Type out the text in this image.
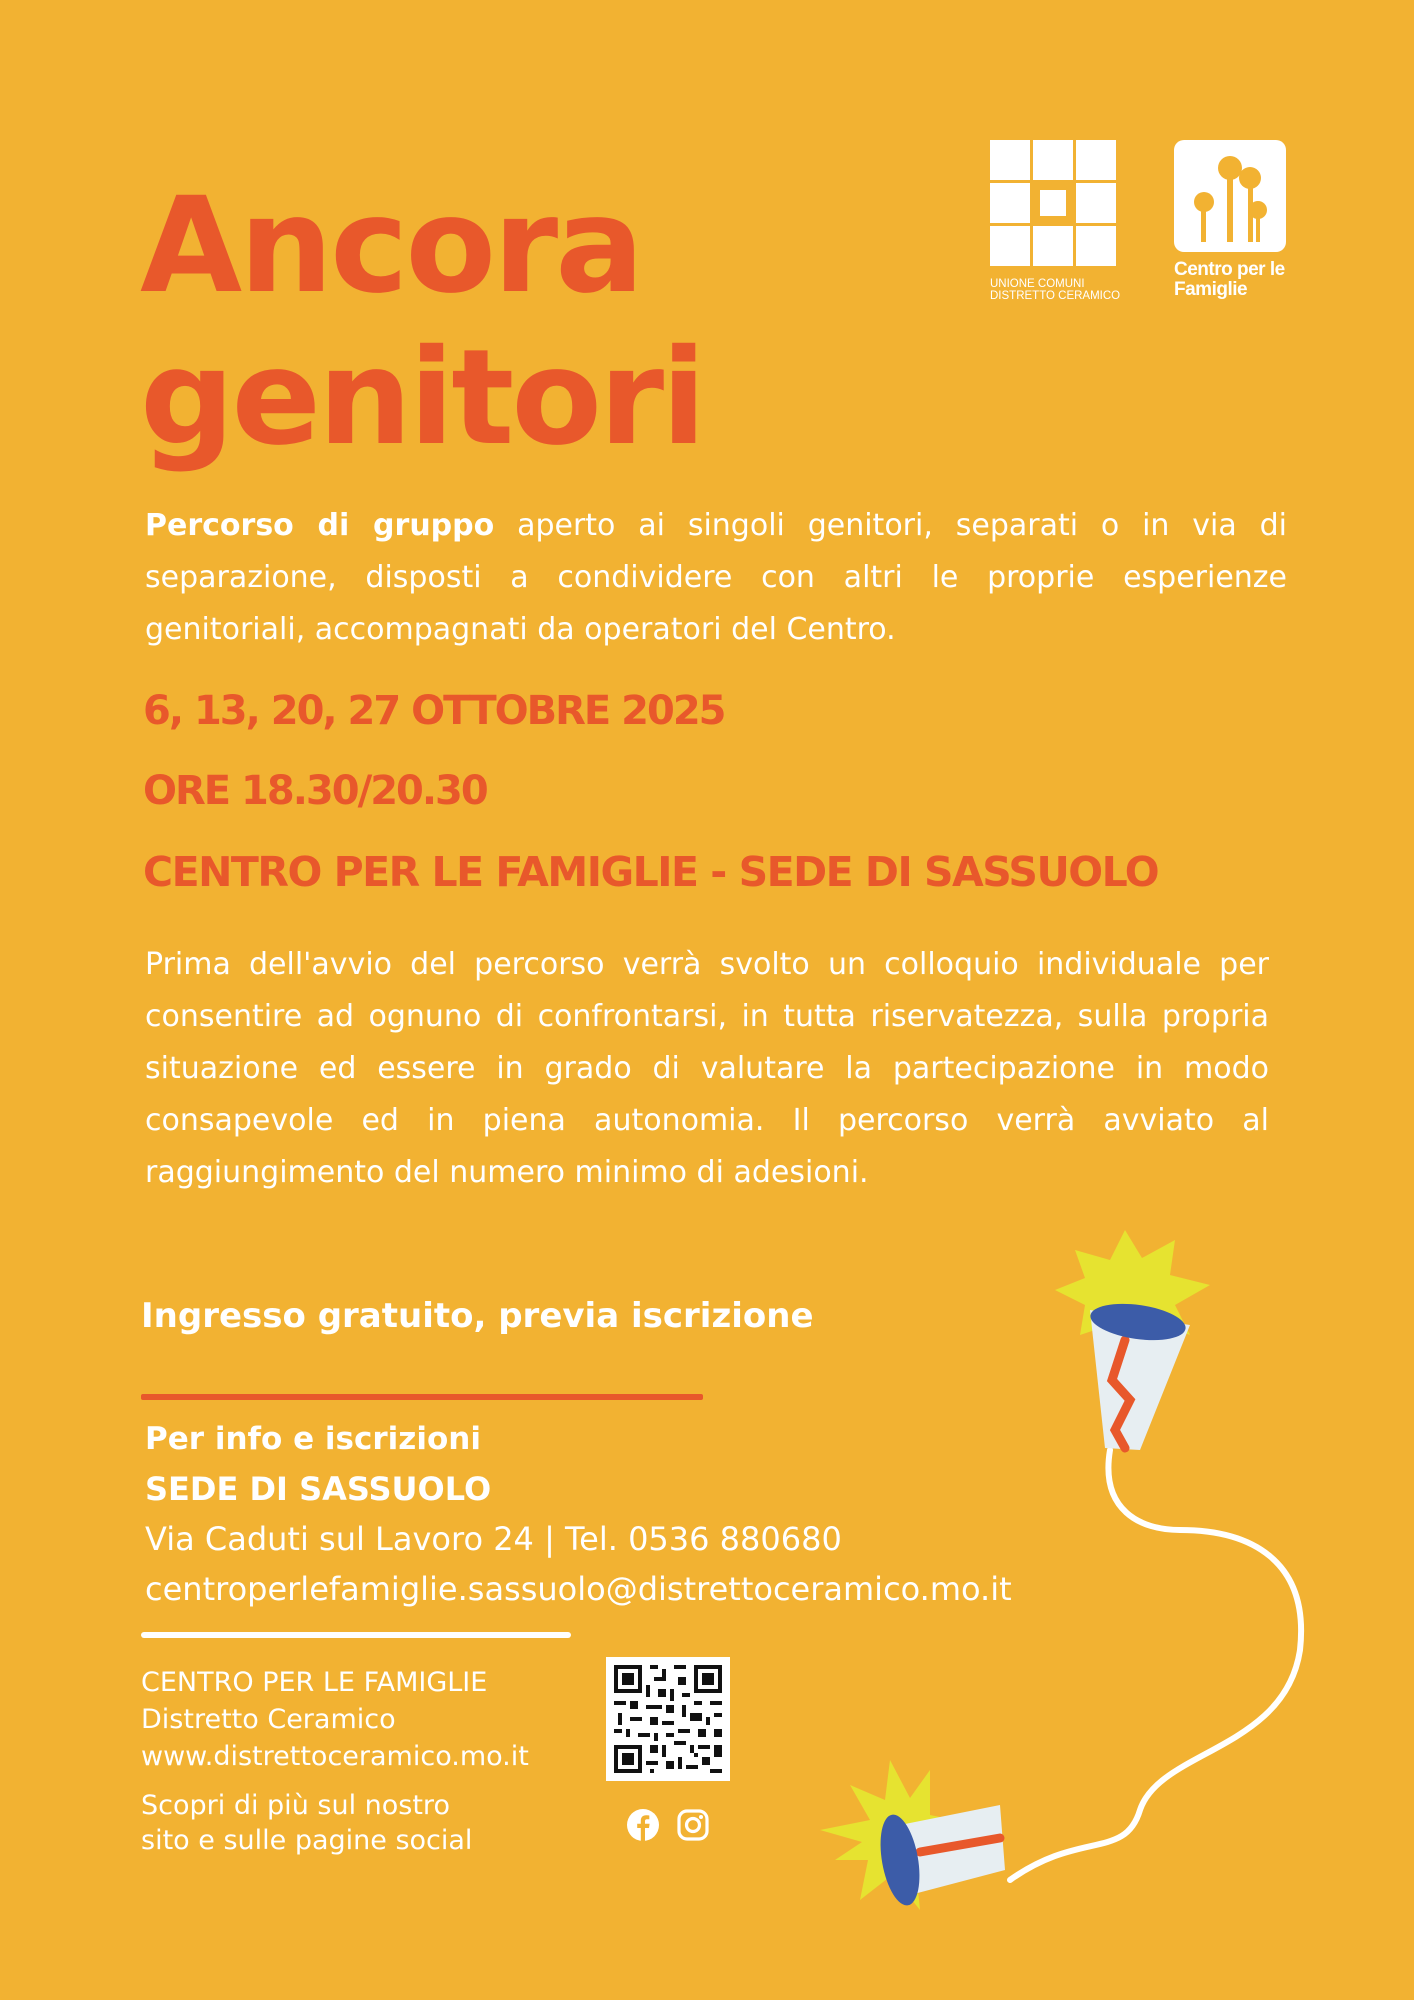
Ancora
genitori
UNIONE COMUNI
DISTRETTO CERAMICO
Centro per le
Famiglie

Percorso di gruppo aperto ai singoli genitori, separati o in via di separazione, disposti a condividere con altri le proprie esperienze genitoriali, accompagnati da operatori del Centro.

6, 13, 20, 27 OTTOBRE 2025

ORE 18.30/20.30

CENTRO PER LE FAMIGLIE - SEDE DI SASSUOLO

Prima dell'avvio del percorso verrà svolto un colloquio individuale per consentire ad ognuno di confrontarsi, in tutta riservatezza, sulla propria situazione ed essere in grado di valutare la partecipazione in modo consapevole ed in piena autonomia. Il percorso verrà avviato al raggiungimento del numero minimo di adesioni.

Ingresso gratuito, previa iscrizione

Per info e iscrizioni
SEDE DI SASSUOLO
Via Caduti sul Lavoro 24 | Tel. 0536 880680
centroperlefamiglie.sassuolo@distrettoceramico.mo.it
CENTRO PER LE FAMIGLIE
Distretto Ceramico
www.distrettoceramico.mo.it
Scopri di più sul nostro
sito e sulle pagine social
